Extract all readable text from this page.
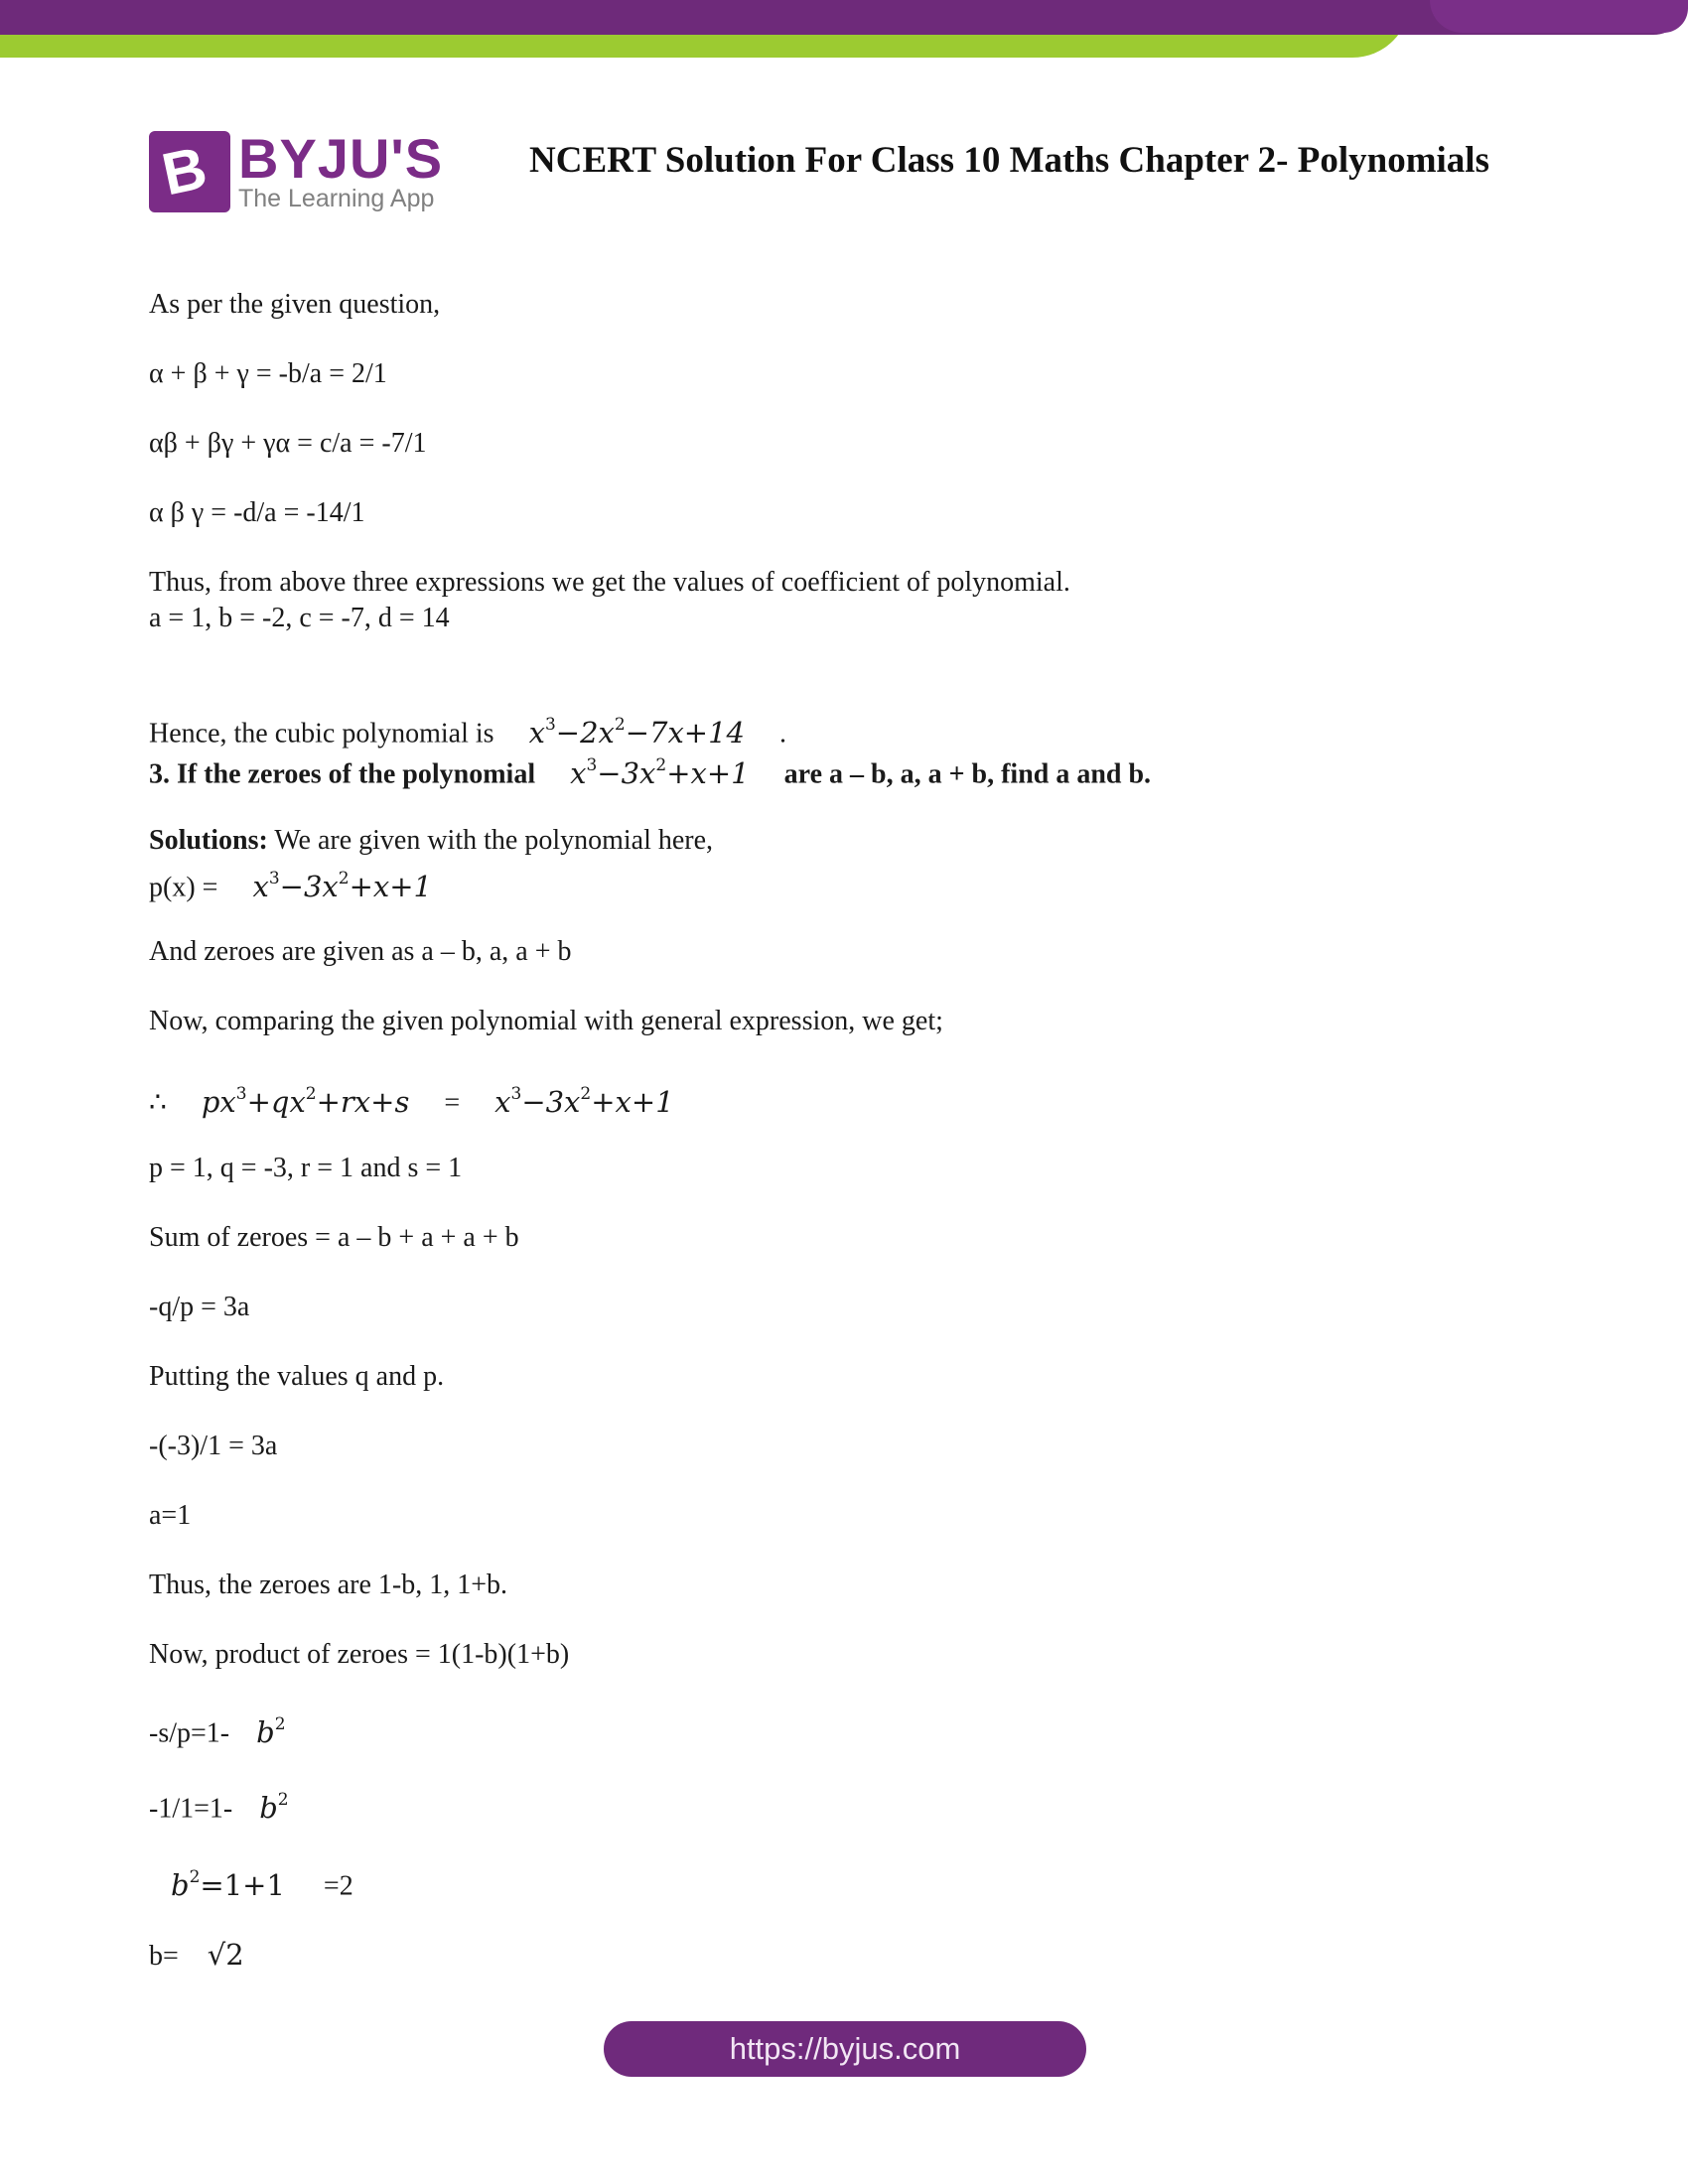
B BYJU'S
The Learning App
NCERT Solution For Class 10 Maths Chapter 2- Polynomials
As per the given question,
α + β + γ = -b/a = 2/1
αβ + βγ + γα = c/a = -7/1
α β γ = -d/a = -14/1
Thus, from above three expressions we get the values of coefficient of polynomial.
a = 1, b = -2, c = -7, d = 14
Hence, the cubic polynomial is $x^3-2x^2-7x+14$ .
3. If the zeroes of the polynomial $x^3-3x^2+x+1$ are a – b, a, a + b, find a and b.
Solutions: We are given with the polynomial here,
$p(x) = x^3-3x^2+x+1$
And zeroes are given as a – b, a, a + b
Now, comparing the given polynomial with general expression, we get;
∴ $px^3+qx^2+rx+s = x^3-3x^2+x+1$
p = 1, q = -3, r = 1 and s = 1
Sum of zeroes = a – b + a + a + b
-q/p = 3a
Putting the values q and p.
-(-3)/1 = 3a
a=1
Thus, the zeroes are 1-b, 1, 1+b.
Now, product of zeroes = 1(1-b)(1+b)
-s/p=1- $b^2$
-1/1=1- $b^2$
$b^2=1+1 =2$
b= √2
https://byjus.com
